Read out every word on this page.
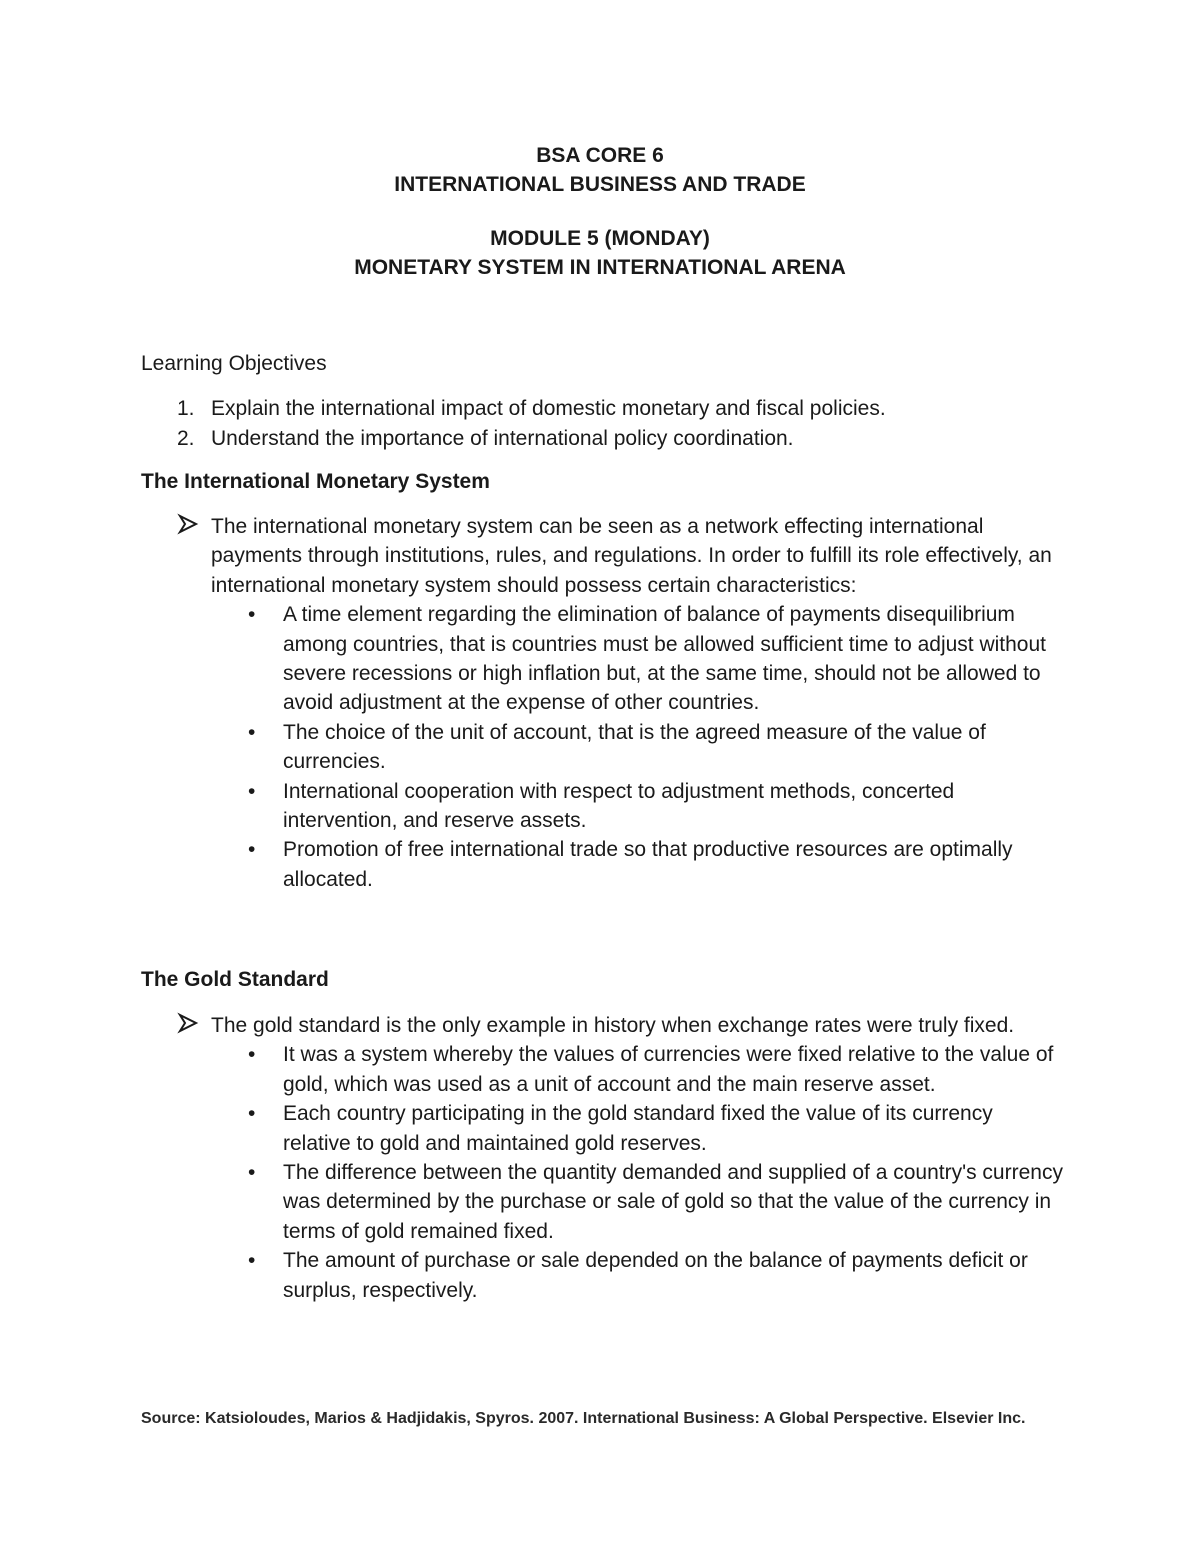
BSA CORE 6
INTERNATIONAL BUSINESS AND TRADE
MODULE 5 (MONDAY)
MONETARY SYSTEM IN INTERNATIONAL ARENA

Learning Objectives

1. Explain the international impact of domestic monetary and fiscal policies.

2. Understand the importance of international policy coordination.

The International Monetary System
The international monetary system can be seen as a network effecting international payments through institutions, rules, and regulations. In order to fulfill its role effectively, an international monetary system should possess certain characteristics:
• A time element regarding the elimination of balance of payments disequilibrium among countries, that is countries must be allowed sufficient time to adjust without severe recessions or high inflation but, at the same time, should not be allowed to avoid adjustment at the expense of other countries.
• The choice of the unit of account, that is the agreed measure of the value of currencies.
• International cooperation with respect to adjustment methods, concerted intervention, and reserve assets.
• Promotion of free international trade so that productive resources are optimally allocated.
The Gold Standard
The gold standard is the only example in history when exchange rates were truly fixed.
• It was a system whereby the values of currencies were fixed relative to the value of gold, which was used as a unit of account and the main reserve asset.
• Each country participating in the gold standard fixed the value of its currency relative to gold and maintained gold reserves.
• The difference between the quantity demanded and supplied of a country's currency was determined by the purchase or sale of gold so that the value of the currency in terms of gold remained fixed.
• The amount of purchase or sale depended on the balance of payments deficit or surplus, respectively.
Source: Katsioloudes, Marios & Hadjidakis, Spyros. 2007. International Business: A Global Perspective. Elsevier Inc.
